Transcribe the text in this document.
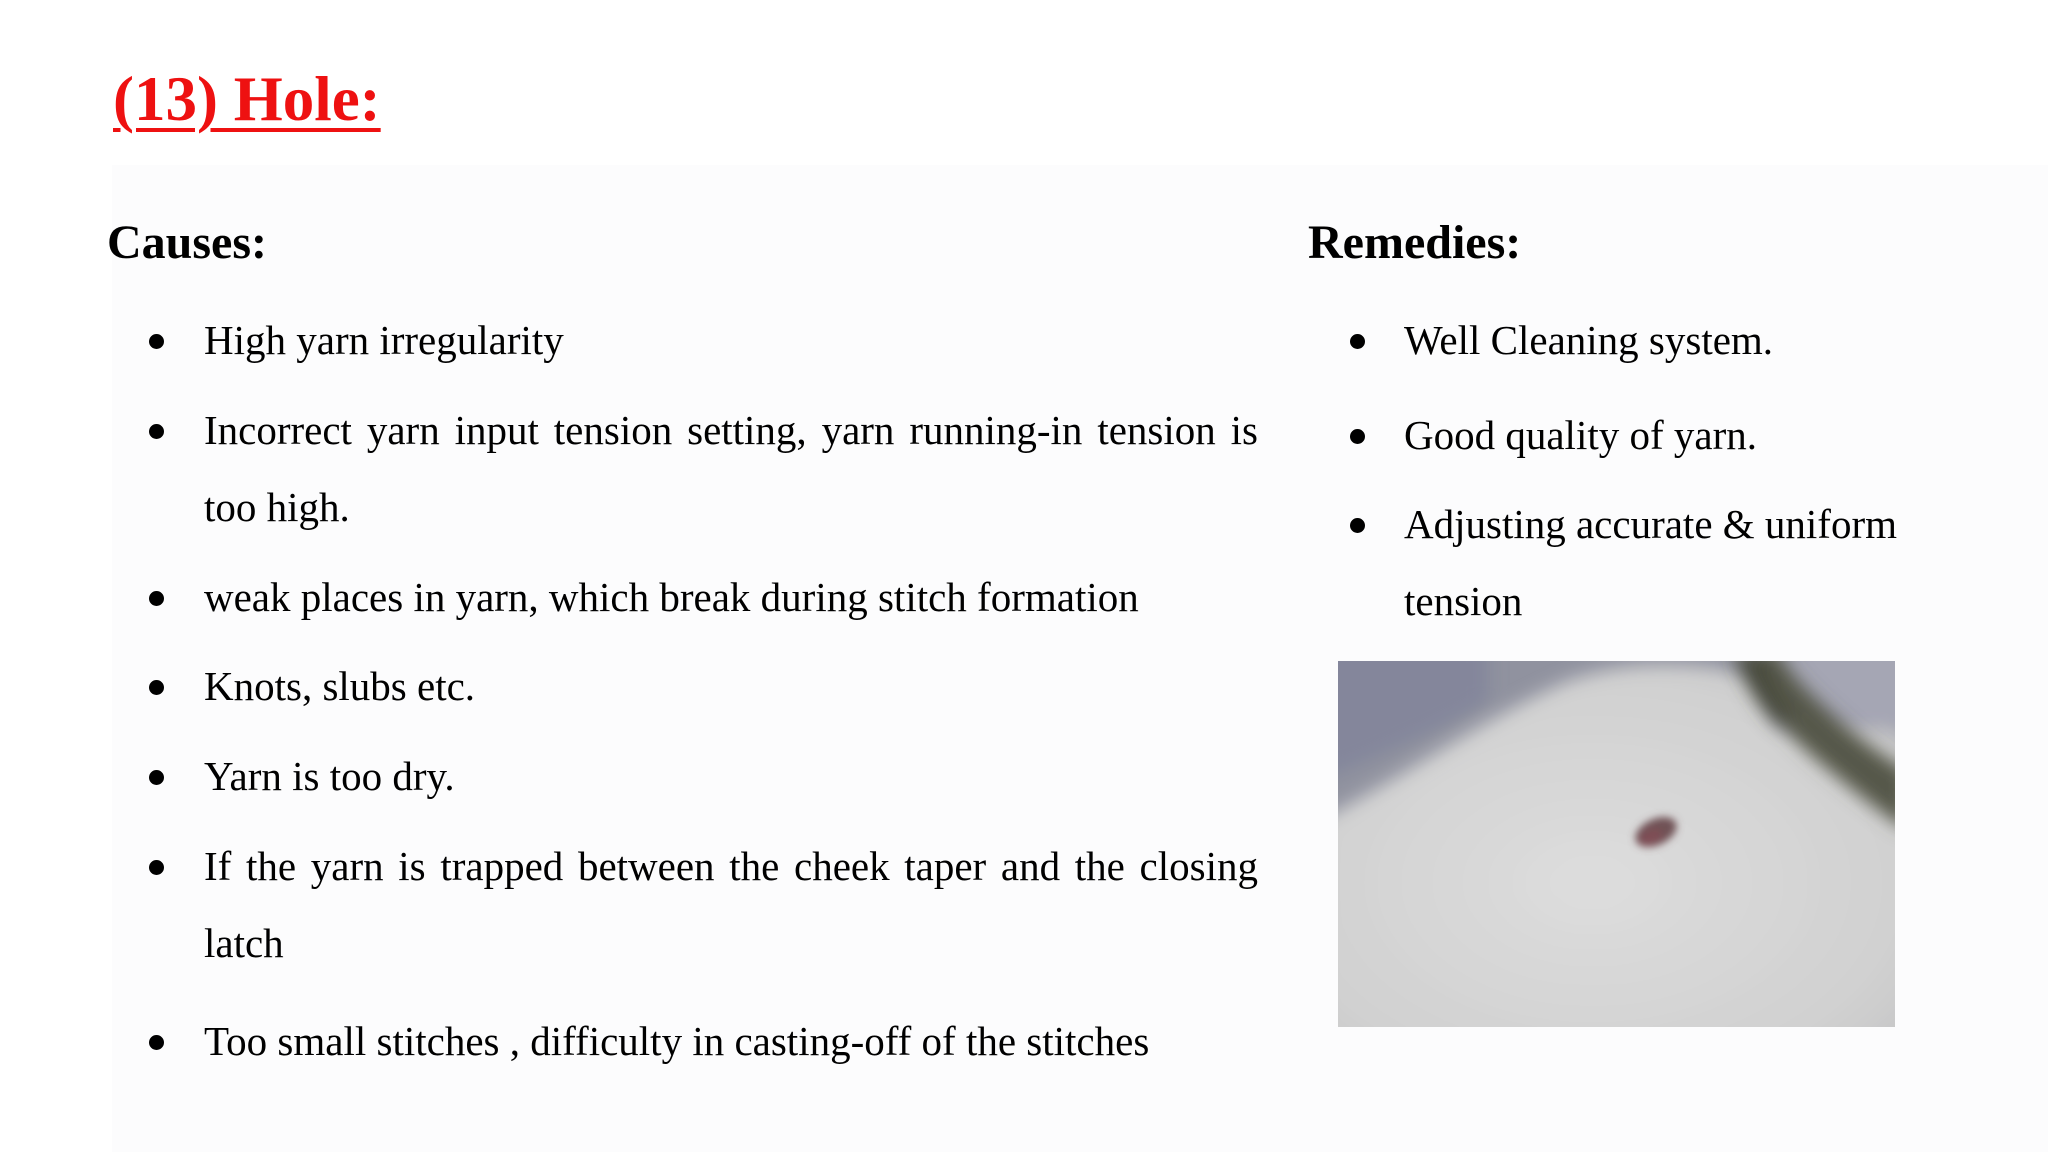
(13) Hole:
Causes:	Remedies:
High yarn irregularity
Incorrect yarn input tension setting, yarn running-in tension is too high.
weak places in yarn, which break during stitch formation
Knots, slubs etc.
Yarn is too dry.
If the yarn is trapped between the cheek taper and the closing latch
Too small stitches , difficulty in casting-off of the stitches
Well Cleaning system.
Good quality of yarn.
Adjusting accurate & uniform tension
